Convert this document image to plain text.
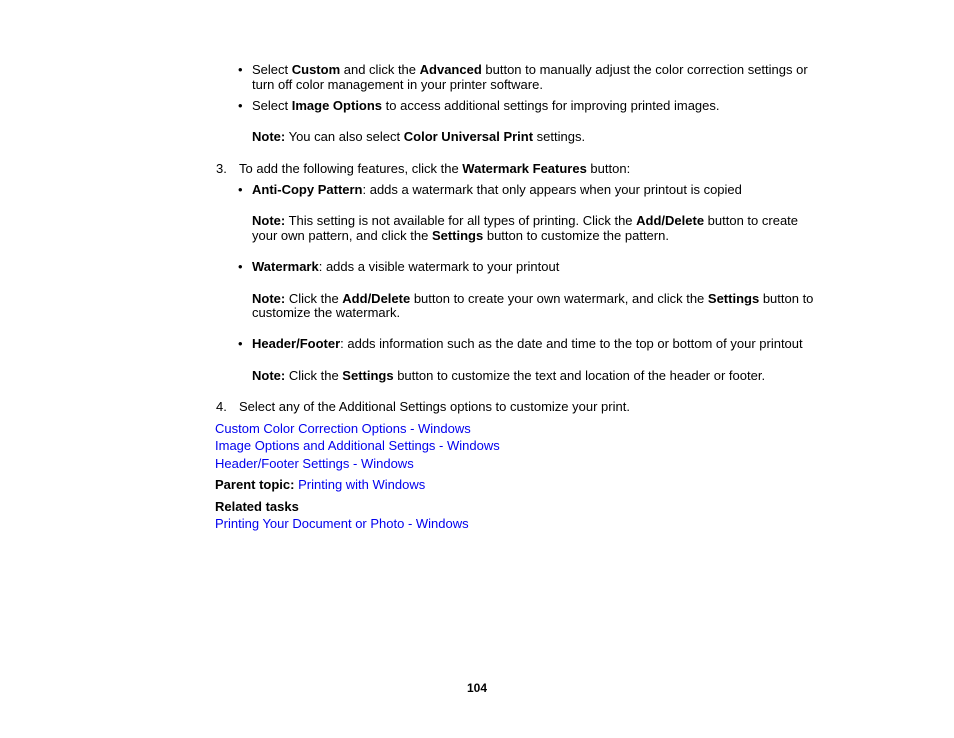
• Select Custom and click the Advanced button to manually adjust the color correction settings or
turn off color management in your printer software.
• Select Image Options to access additional settings for improving printed images.
Note: You can also select Color Universal Print settings.
3. To add the following features, click the Watermark Features button:
• Anti-Copy Pattern: adds a watermark that only appears when your printout is copied
Note: This setting is not available for all types of printing. Click the Add/Delete button to create
your own pattern, and click the Settings button to customize the pattern.
• Watermark: adds a visible watermark to your printout
Note: Click the Add/Delete button to create your own watermark, and click the Settings button to
customize the watermark.
• Header/Footer: adds information such as the date and time to the top or bottom of your printout
Note: Click the Settings button to customize the text and location of the header or footer.
4. Select any of the Additional Settings options to customize your print.
Custom Color Correction Options - Windows
Image Options and Additional Settings - Windows
Header/Footer Settings - Windows
Parent topic: Printing with Windows
Related tasks
Printing Your Document or Photo - Windows
104
